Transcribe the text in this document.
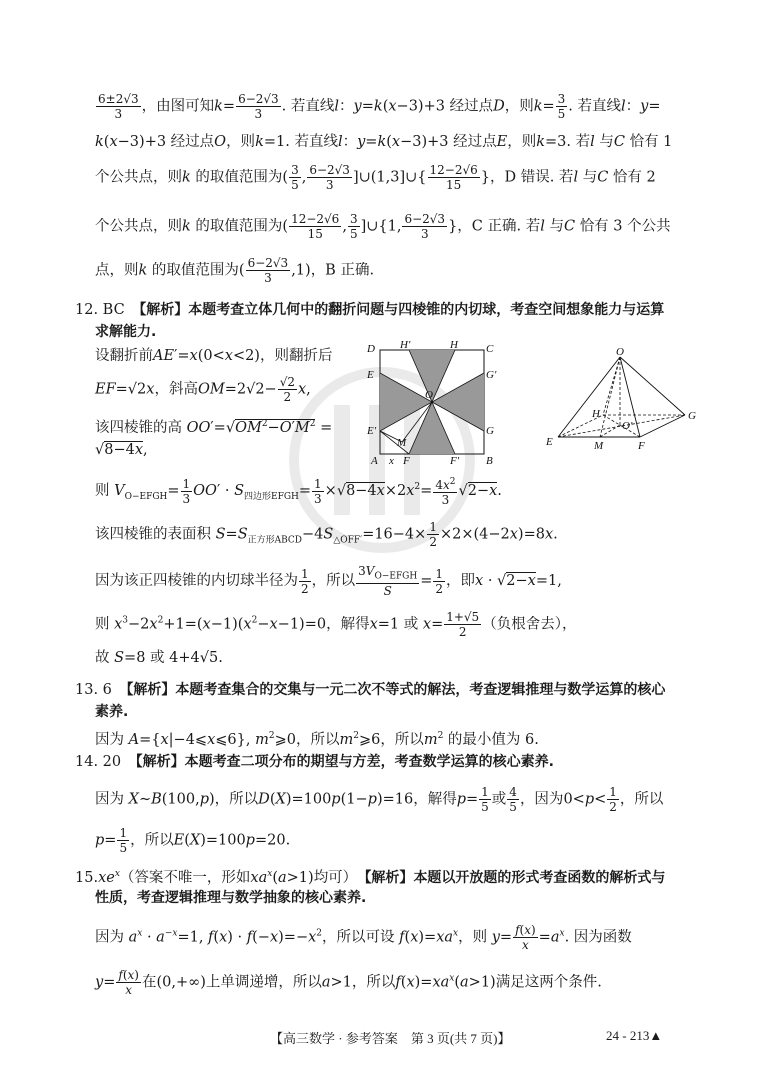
$\frac{6\pm 2√3}{3}$ ，由图可知$k= \frac{6-2√3}{3}$ . 若直线l：y=k(x−3)+3 经过点D，则$k= \frac{3}{5}$ . 若直线l：y=
k(x−3)+3 经过点O，则k=1. 若直线l：y=k(x−3)+3 经过点E，则k=3. 若l 与C 恰有 1
个公共点，则k 的取值范围为( $\frac{3}{5}$ , $\frac{6-2√3}{3}$ ]∪(1,3]∪{ $\frac{12-2√6}{15}$ }，D 错误. 若l 与C 恰有 2
个公共点，则k 的取值范围为( $\frac{12-2√6}{15}$ , $\frac{3}{5}$ ]∪{1, $\frac{6-2√3}{3}$ }，C 正确. 若l 与C 恰有 3 个公共
点，则k 的取值范围为( $\frac{6-2√3}{3} ,1$)，B 正确.
12. BC　 【解析】本题考查立体几何中的翻折问题与四棱锥的内切球，考查空间想象能力与运算
求解能力.
设翻折前AE′=x(0<x<2)，则翻折后
EF=√2x，斜高$OM=2√2- \frac{√2}{2} x$,
该四棱锥的高 $OO'=√OM^2-O'M^2$ =
√8−4x,
则 $V_{O-EFGH}= \frac{1}{3} OO' \cdot S_{四边形EFGH}= \frac{1}{3} \times√8-4x\times 2x^2= \frac{4x^2}{3} √2-x$.
该四棱锥的表面积 $S=S_{正方形ABCD}-4S_{\triangle OFF'}=16-4\times \frac{1}{2} \times 2\times(4-2x)=8x$.
因为该正四棱锥的内切球半径为 $\frac{1}{2}$ ，所以
$3V_{O-EFGH}$
S
= $\frac{1}{2}$ ，即x · √2−x=1,
则 $x^3-2x^2+1=(x-1)(x^2-x-1)=0$，解得x=1 或 $x= \frac{1+√5}{2}$ （负根舍去），
故 S=8 或 4+4√5.
D H'	H	C
E	G'
O
E'	G
M
A x F	F' B
O
H
E	M
O'
F
G
13. 6　 【解析】本题考查集合的交集与一元二次不等式的解法，考查逻辑推理与数学运算的核心
素养.
因为 A={x|−4⩽x⩽6}, $m^2⩾0$，所以$m^2⩾6$，所以$m^2$ 的最小值为 6.
14. 20　 【解析】本题考查二项分布的期望与方差，考查数学运算的核心素养.
因为 X∼B(100,p)，所以D(X)=100p(1−p)=16，解得$p= \frac{1}{5}$ 或 $\frac{4}{5}$ ，因为$0<p< \frac{1}{2}$ ，所以
$p= \frac{1}{5}$ ，所以E(X)=100p=20.
$15.xe^x$（答案不唯一，形如$xa^x(a>1)$均可）　 【解析】本题以开放题的形式考查函数的解析式与
性质，考查逻辑推理与数学抽象的核心素养.
因为 $a^x \cdot a^{-x}=1$, $f(x) \cdot f(-x)=-x^2$，所以可设 $f(x)=xa^x$，则 $y= \frac{f(x)}{x} =a^x$. 因为函数
$y= \frac{f(x)}{x}$ 在(0,+∞)上单调递增，所以a>1，所以$f(x)=xa^x(a>1)$满足这两个条件.
【高三数学 · 参考答案　第 3 页(共 7 页)】	24 - 213▲
